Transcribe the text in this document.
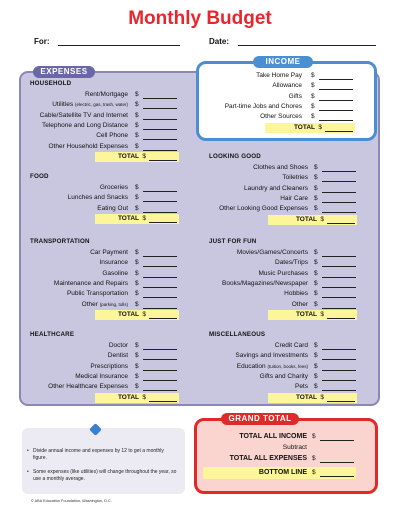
Monthly Budget
For:	Date:
EXPENSES
HOUSEHOLD
Rent/Mortgage $
Utilities (electric, gas, trash, water) $
Cable/Satellite TV and Internet $
Telephone and Long Distance $
Cell Phone $
Other Household Expenses $
TOTAL $
FOOD
Groceries $
Lunches and Snacks $
Eating Out $
TOTAL $
TRANSPORTATION
Car Payment $
Insurance $
Gasoline $
Maintenance and Repairs $
Public Transportation $
Other (parking, tolls) $
TOTAL $
HEALTHCARE
Doctor $
Dentist $
Prescriptions $
Medical Insurance $
Other Healthcare Expenses $
TOTAL $
LOOKING GOOD
Clothes and Shoes $
Toiletries $
Laundry and Cleaners $
Hair Care $
Other Looking Good Expenses $
TOTAL $
JUST FOR FUN
Movies/Games/Concerts $
Dates/Trips $
Music Purchases $
Books/Magazines/Newspaper $
Hobbies $
Other $
TOTAL $
MISCELLANEOUS
Credit Card $
Savings and Investments $
Education (tuition, books, fees) $
Gifts and Charity $
Pets $
TOTAL $
INCOME
Take Home Pay $
Allowance $
Gifts $
Part-time Jobs and Chores $
Other Sources $
TOTAL $
• Divide annual income and expenses by 12 to get a monthly figure.
• Some expenses (like utilities) will change throughout the year, so use a monthly average.
GRAND TOTAL
TOTAL ALL INCOME $
Subtract
TOTAL ALL EXPENSES $
BOTTOM LINE $
© ABA Education Foundation, Washington, D.C.
